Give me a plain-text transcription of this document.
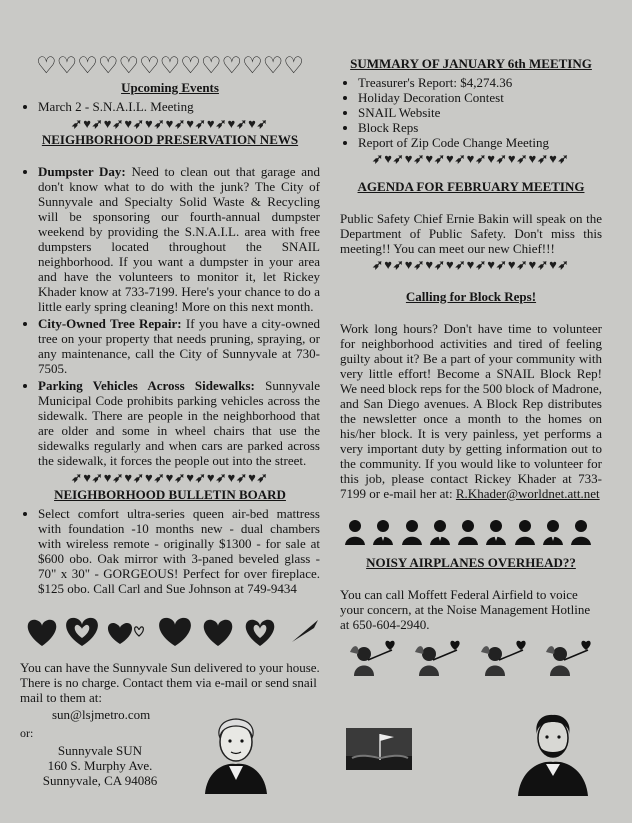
♡♡♡♡♡♡♡♡♡♡♡♡♡
Upcoming Events
• March 2 - S.N.A.I.L. Meeting
➶♥➶♥➶♥➶♥➶♥➶♥➶♥➶♥➶♥➶
NEIGHBORHOOD PRESERVATION NEWS
• Dumpster Day: Need to clean out that garage and don't know what to do with the junk? The City of Sunnyvale and Specialty Solid Waste & Recycling will be sponsoring our fourth-annual dumpster weekend by providing the S.N.A.I.L. area with free dumpsters located throughout the SNAIL neighborhood. If you want a dumpster in your area and have the volunteers to monitor it, let Rickey Khader know at 733-7199. Here's your chance to do a little early spring cleaning! More on this next month.
• City-Owned Tree Repair: If you have a city-owned tree on your property that needs pruning, spraying, or any maintenance, call the City of Sunnyvale at 730-7505.
• Parking Vehicles Across Sidewalks: Sunnyvale Municipal Code prohibits parking vehicles across the sidewalk. There are people in the neighborhood that are older and some in wheel chairs that use the sidewalks regularly and when cars are parked across the sidewalk, it forces the people out into the street.
➶♥➶♥➶♥➶♥➶♥➶♥➶♥➶♥➶♥➶
NEIGHBORHOOD BULLETIN BOARD
• Select comfort ultra-series queen air-bed mattress with foundation -10 months new - dual chambers with wireless remote - originally $1300 - for sale at $600 obo. Oak mirror with 3-paned beveled glass - 70" x 30" - GORGEOUS! Perfect for over fireplace. $125 obo. Call Carl and Sue Johnson at 749-9434

You can have the Sunnyvale Sun delivered to your house. There is no charge. Contact them via e-mail or send snail mail to them at:

sun@lsjmetro.com

or:

Sunnyvale SUN

160 S. Murphy Ave.

Sunnyvale, CA 94086

SUMMARY OF JANUARY 6th MEETING
• Treasurer's Report: $4,274.36
• Holiday Decoration Contest
• SNAIL Website
• Block Reps
• Report of Zip Code Change Meeting
➶♥➶♥➶♥➶♥➶♥➶♥➶♥➶♥➶♥➶
AGENDA FOR FEBRUARY MEETING

Public Safety Chief Ernie Bakin will speak on the Department of Public Safety. Don't miss this meeting!! You can meet our new Chief!!!

➶♥➶♥➶♥➶♥➶♥➶♥➶♥➶♥➶♥➶
Calling for Block Reps!

Work long hours? Don't have time to volunteer for neighborhood activities and tired of feeling guilty about it? Be a part of your community with very little effort! Become a SNAIL Block Rep! We need block reps for the 500 block of Madrone, and San Diego avenues. A Block Rep distributes the newsletter once a month to the homes on his/her block. It is very painless, yet performs a very important duty by getting information out to the community. If you would like to volunteer for this job, please contact Rickey Khader at 733-7199 or e-mail her at: R.Khader@worldnet.att.net

NOISY AIRPLANES OVERHEAD??

You can call Moffett Federal Airfield to voice your concern, at the Noise Management Hotline at 650-604-2940.
